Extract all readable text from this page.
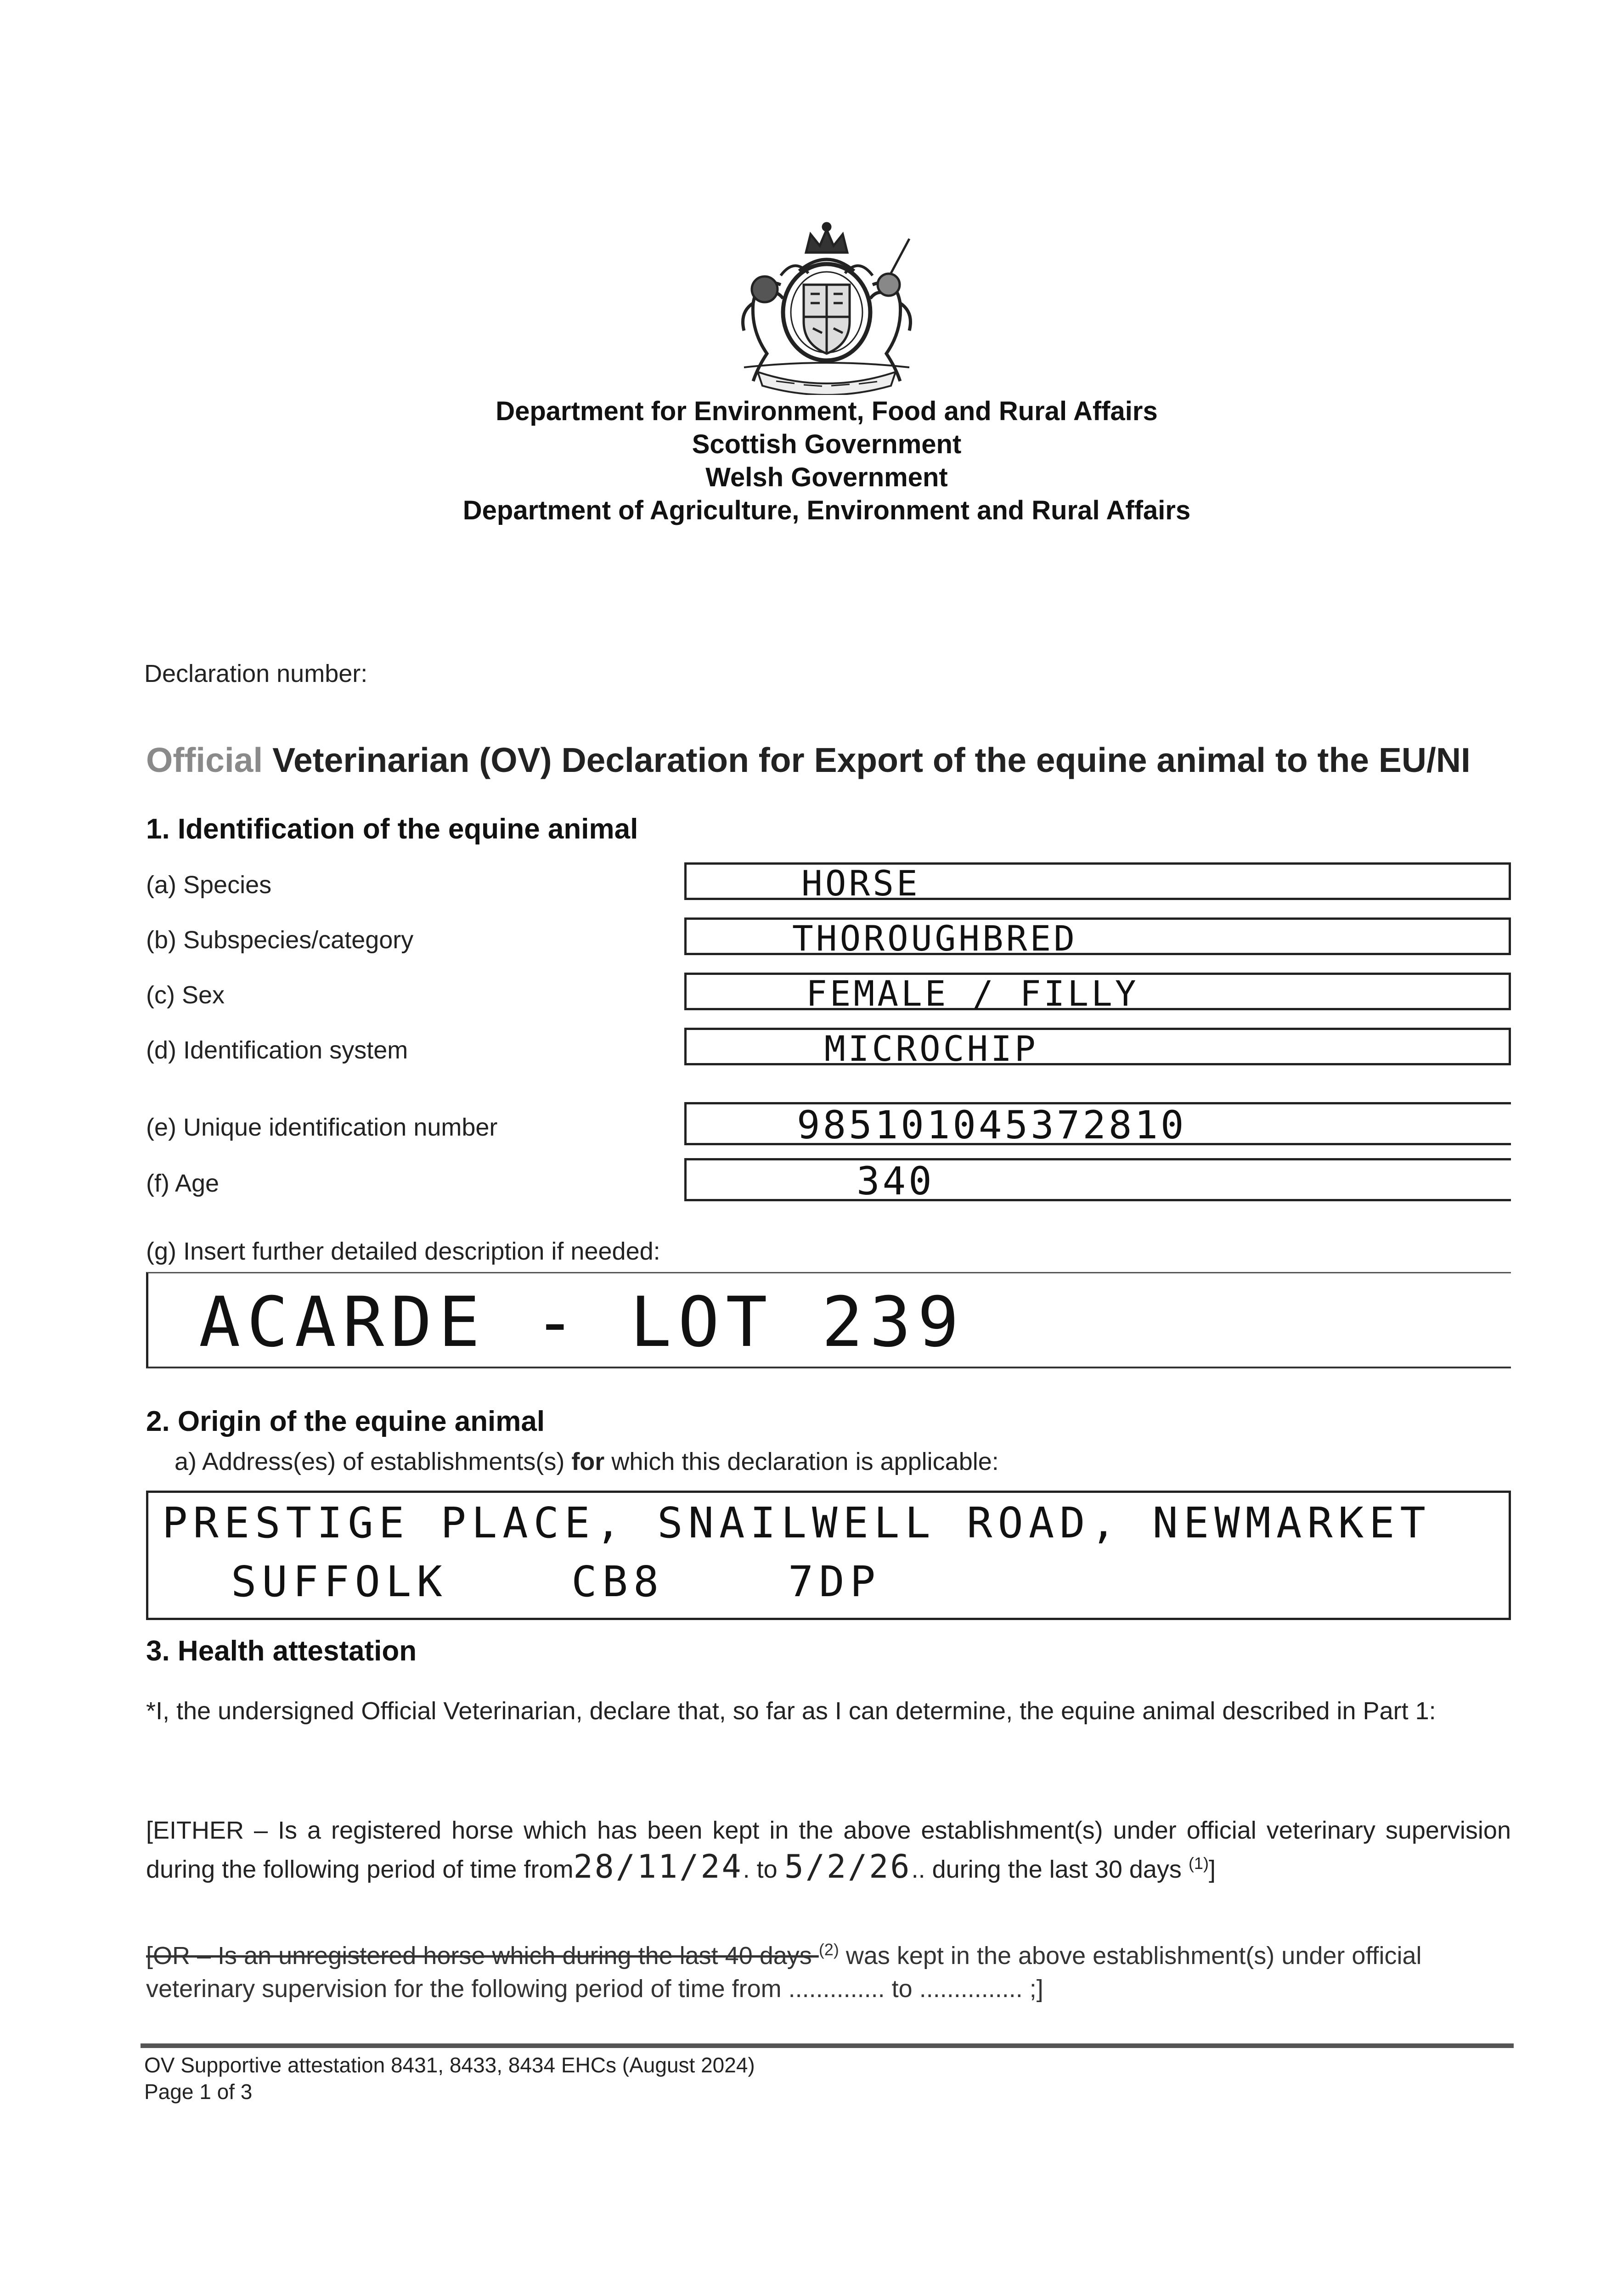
Department for Environment, Food and Rural Affairs
Scottish Government
Welsh Government
Department of Agriculture, Environment and Rural Affairs
Declaration number:
Official Veterinarian (OV) Declaration for Export of the equine animal to the EU/NI
1. Identification of the equine animal
(a) Species	HORSE
(b) Subspecies/category	THOROUGHBRED
(c) Sex	FEMALE / FILLY
(d) Identification system	MICROCHIP
(e) Unique identification number	985101045372810
(f) Age	340
(g) Insert further detailed description if needed:
ACARDE - LOT 239
2. Origin of the equine animal
a) Address(es) of establishments(s) for which this declaration is applicable:
PRESTIGE PLACE, SNAILWELL ROAD, NEWMARKET
SUFFOLK    CB8    7DP
3. Health attestation
*I, the undersigned Official Veterinarian, declare that, so far as I can determine, the equine animal described in Part 1:
[EITHER – Is a registered horse which has been kept in the above establishment(s) under official veterinary supervision during the following period of time from28/11/24. to 5/2/26.. during the last 30 days $^{(1)}$]
[OR – Is an unregistered horse which during the last 40 days $^{(2)}$ was kept in the above establishment(s) under official veterinary supervision for the following period of time from .............. to ............... ;]
OV Supportive attestation 8431, 8433, 8434 EHCs (August 2024)
Page 1 of 3
